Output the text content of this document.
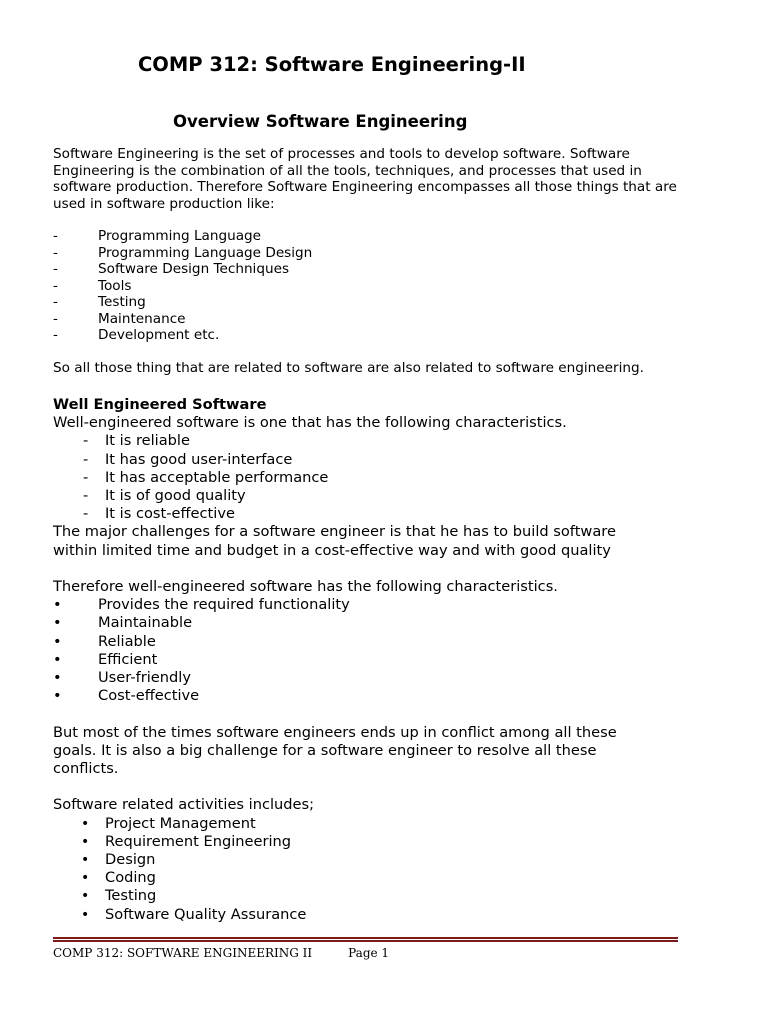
COMP 312: Software Engineering-II
Overview Software Engineering

Software Engineering is the set of processes and tools to develop software. Software Engineering is the combination of all the tools, techniques, and processes that used in software production. Therefore Software Engineering encompasses all those things that are used in software production like:

-	Programming Language
-	Programming Language Design
-	Software Design Techniques
-	Tools
-	Testing
-	Maintenance
-	Development etc.
So all those thing that are related to software are also related to software engineering.
Well Engineered Software
Well-engineered software is one that has the following characteristics.
- It is reliable
- It has good user-interface
- It has acceptable performance
- It is of good quality
- It is cost-effective
The major challenges for a software engineer is that he has to build software
within limited time and budget in a cost-effective way and with good quality
Therefore well-engineered software has the following characteristics.
• Provides the required functionality
• Maintainable
• Reliable
• Efficient
• User-friendly
• Cost-effective
But most of the times software engineers ends up in conflict among all these
goals. It is also a big challenge for a software engineer to resolve all these
conflicts.
Software related activities includes;
• Project Management
• Requirement Engineering
• Design
• Coding
• Testing
• Software Quality Assurance
COMP 312: SOFTWARE ENGINEERING II	Page 1
